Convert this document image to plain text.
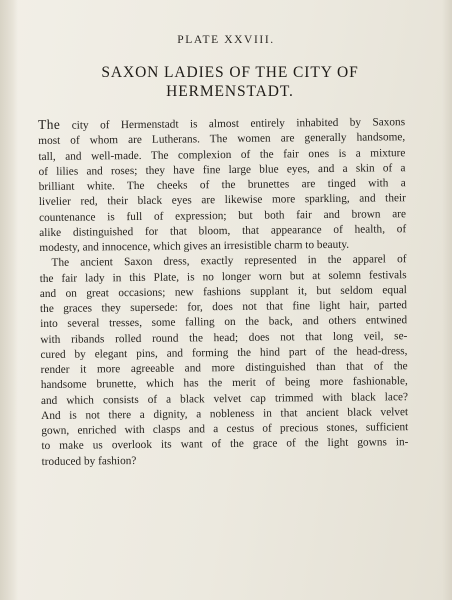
PLATE XXVIII.
SAXON LADIES OF THE CITY OF
HERMENSTADT.

The city of Hermenstadt is almost entirely inhabited by Saxons
most of whom are Lutherans. The women are generally handsome,
tall, and well-made. The complexion of the fair ones is a mixture
of lilies and roses; they have fine large blue eyes, and a skin of a
brilliant white. The cheeks of the brunettes are tinged with a
livelier red, their black eyes are likewise more sparkling, and their
countenance is full of expression; but both fair and brown are
alike distinguished for that bloom, that appearance of health, of
modesty, and innocence, which gives an irresistible charm to beauty.

The ancient Saxon dress, exactly represented in the apparel of
the fair lady in this Plate, is no longer worn but at solemn festivals
and on great occasions; new fashions supplant it, but seldom equal
the graces they supersede: for, does not that fine light hair, parted
into several tresses, some falling on the back, and others entwined
with ribands rolled round the head; does not that long veil, se-
cured by elegant pins, and forming the hind part of the head-dress,
render it more agreeable and more distinguished than that of the
handsome brunette, which has the merit of being more fashionable,
and which consists of a black velvet cap trimmed with black lace?
And is not there a dignity, a nobleness in that ancient black velvet
gown, enriched with clasps and a cestus of precious stones, sufficient
to make us overlook its want of the grace of the light gowns in-
troduced by fashion?
